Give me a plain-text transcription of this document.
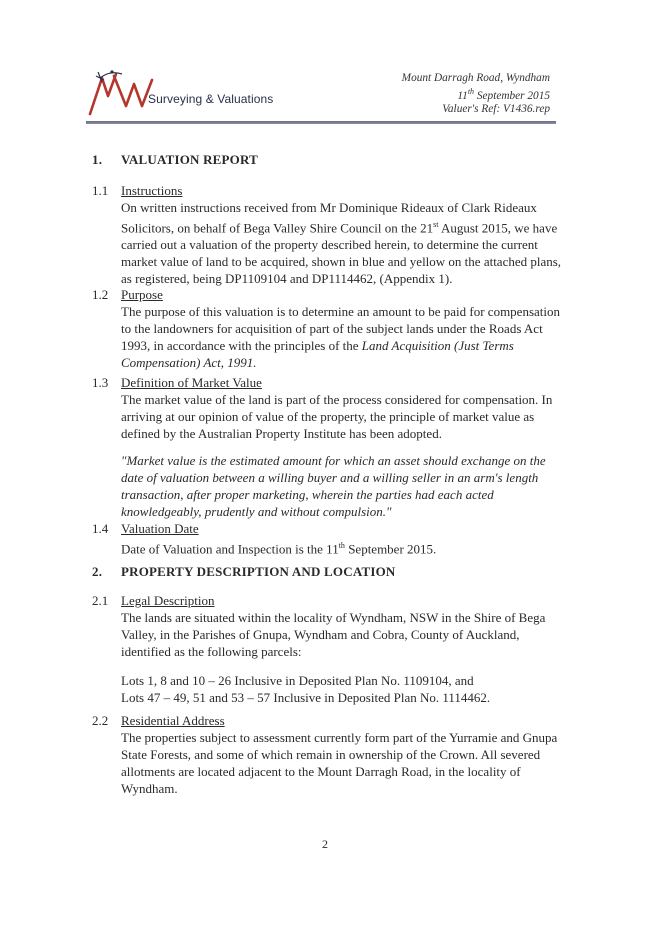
Surveying & Valuations
Mount Darragh Road, Wyndham
11th September 2015
Valuer's Ref: V1436.rep
1. VALUATION REPORT
1.1 Instructions

On written instructions received from Mr Dominique Rideaux of Clark Rideaux Solicitors, on behalf of Bega Valley Shire Council on the 21st August 2015, we have carried out a valuation of the property described herein, to determine the current market value of land to be acquired, shown in blue and yellow on the attached plans, as registered, being DP1109104 and DP1114462, (Appendix 1).

1.2 Purpose

The purpose of this valuation is to determine an amount to be paid for compensation to the landowners for acquisition of part of the subject lands under the Roads Act 1993, in accordance with the principles of the Land Acquisition (Just Terms Compensation) Act, 1991.

1.3 Definition of Market Value

The market value of the land is part of the process considered for compensation. In arriving at our opinion of value of the property, the principle of market value as defined by the Australian Property Institute has been adopted.

"Market value is the estimated amount for which an asset should exchange on the date of valuation between a willing buyer and a willing seller in an arm's length transaction, after proper marketing, wherein the parties had each acted knowledgeably, prudently and without compulsion."

1.4 Valuation Date

Date of Valuation and Inspection is the 11th September 2015.

2. PROPERTY DESCRIPTION AND LOCATION
2.1 Legal Description

The lands are situated within the locality of Wyndham, NSW in the Shire of Bega Valley, in the Parishes of Gnupa, Wyndham and Cobra, County of Auckland, identified as the following parcels:

Lots 1, 8 and 10 – 26 Inclusive in Deposited Plan No. 1109104, and

Lots 47 – 49, 51 and 53 – 57 Inclusive in Deposited Plan No. 1114462.

2.2 Residential Address

The properties subject to assessment currently form part of the Yurramie and Gnupa State Forests, and some of which remain in ownership of the Crown. All severed allotments are located adjacent to the Mount Darragh Road, in the locality of Wyndham.

2
